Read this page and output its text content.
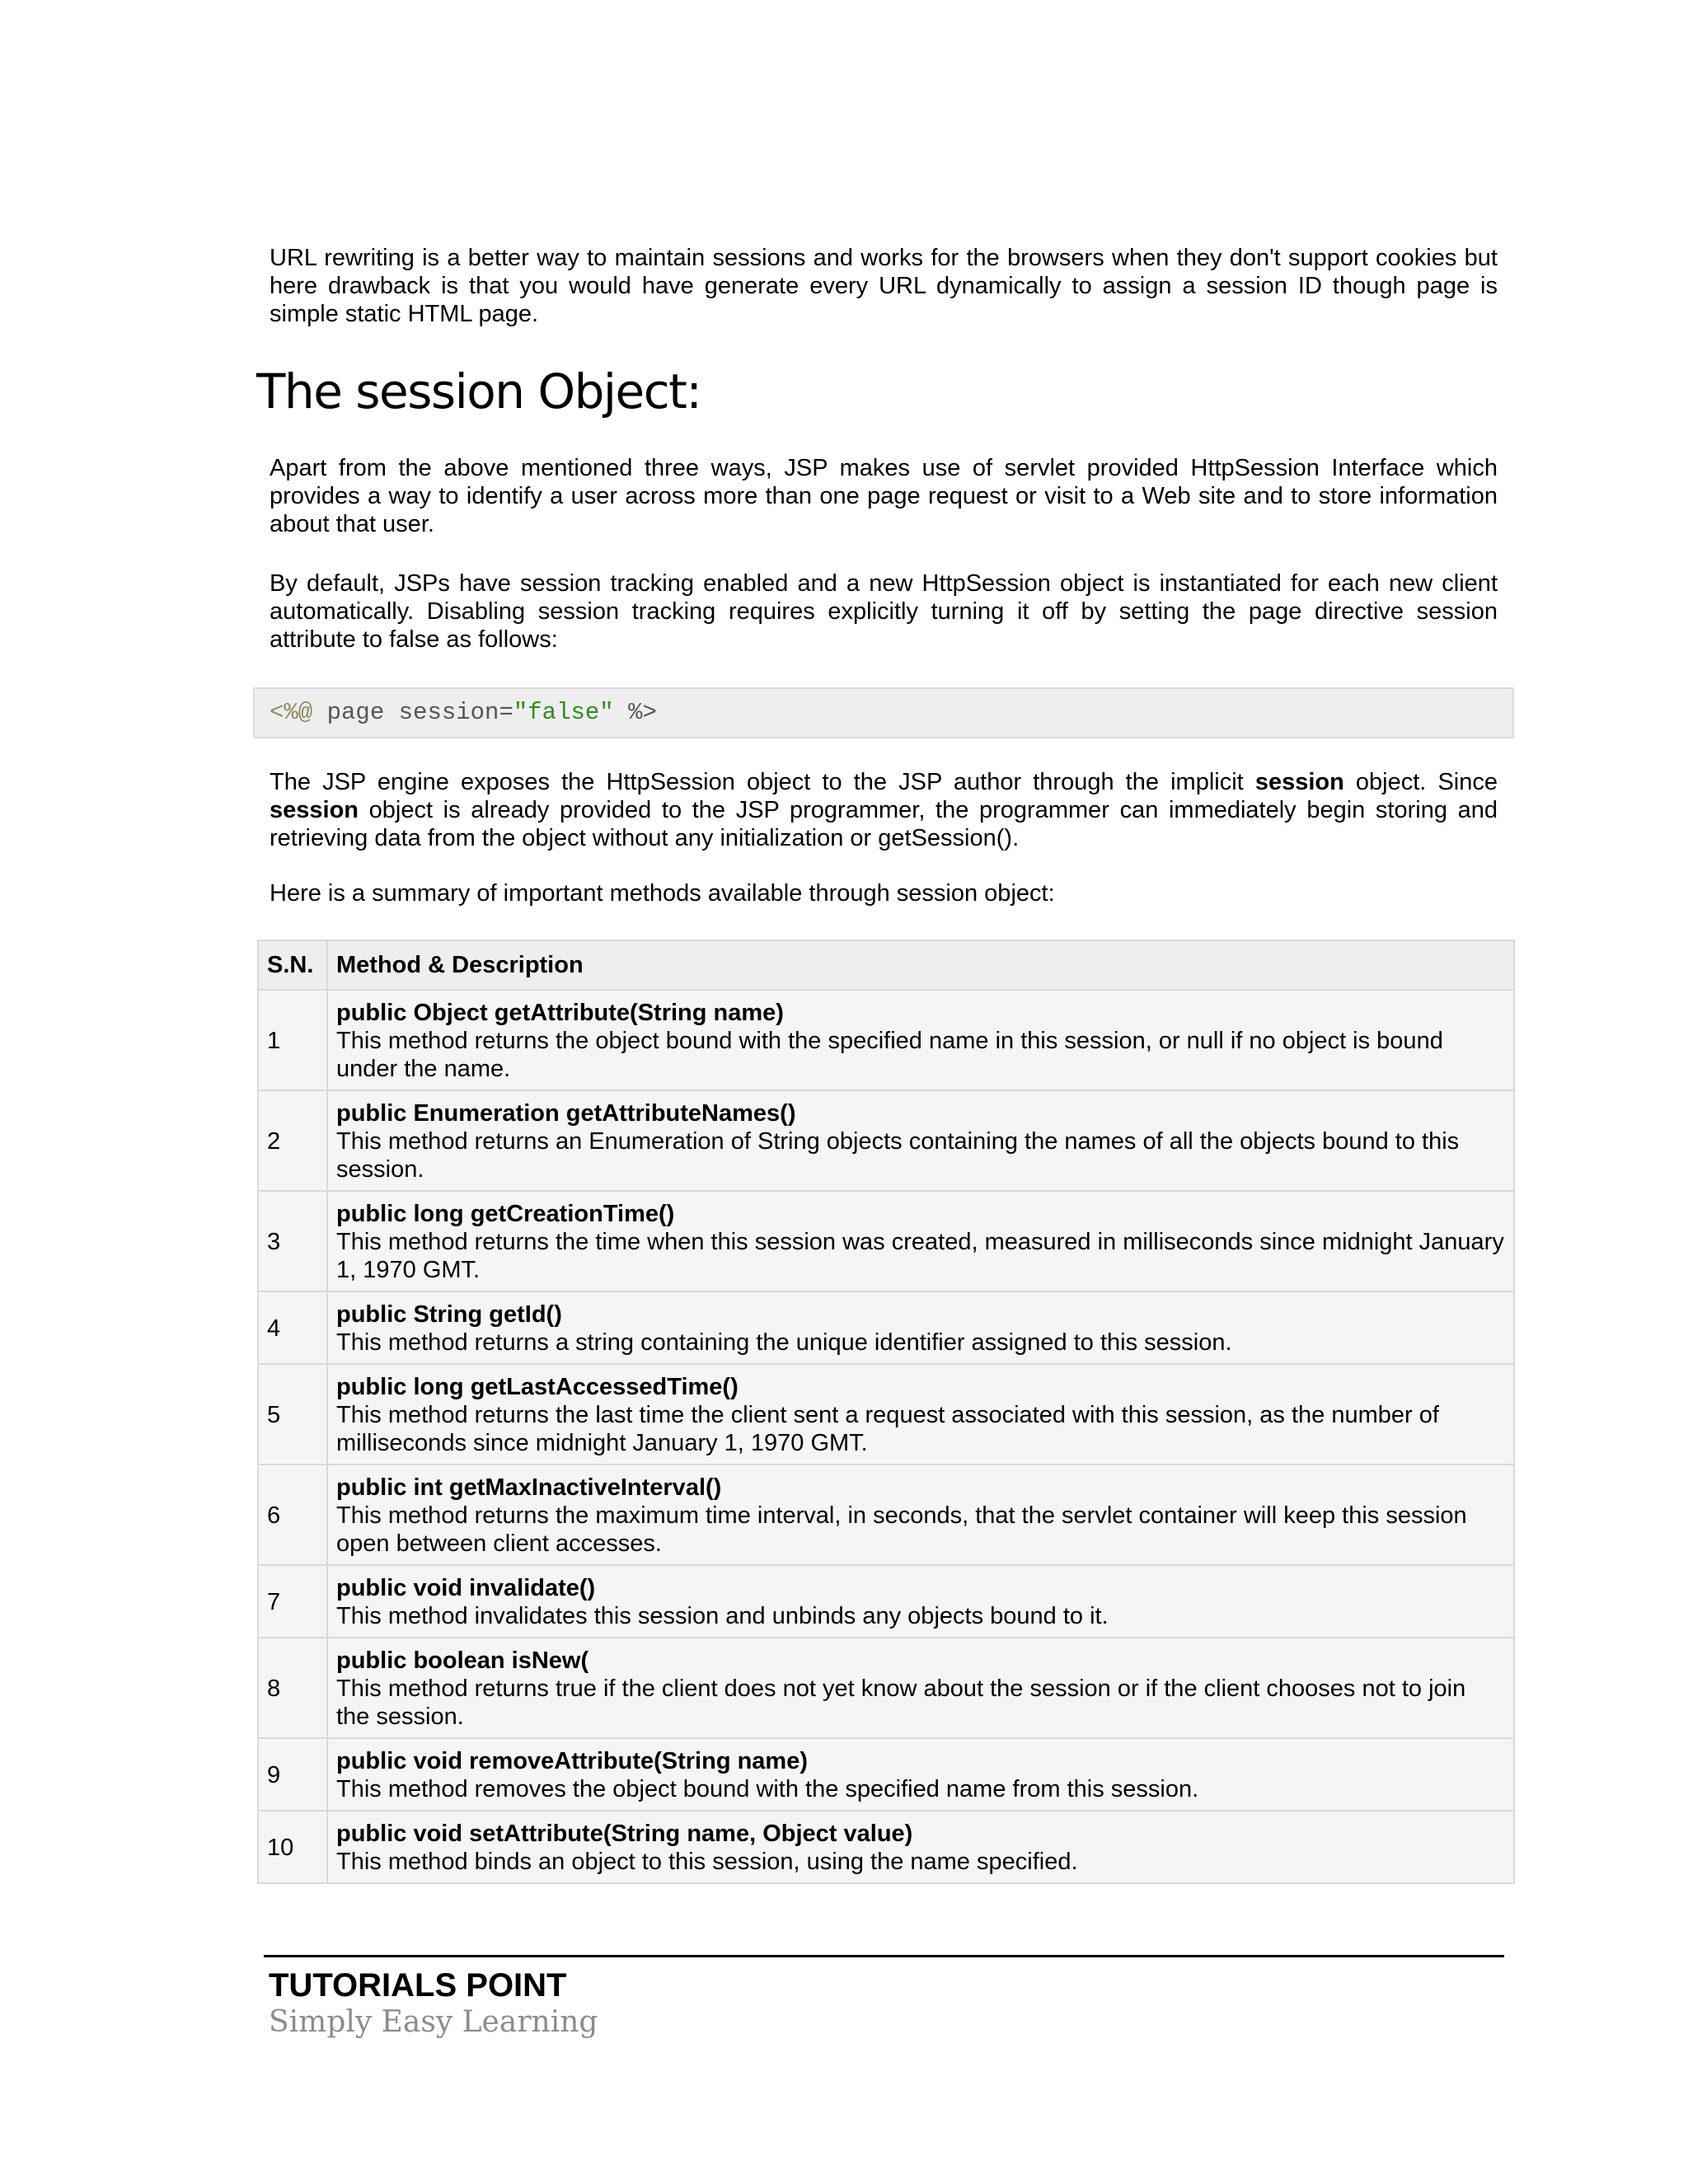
URL rewriting is a better way to maintain sessions and works for the browsers when they don't support cookies but here drawback is that you would have generate every URL dynamically to assign a session ID though page is simple static HTML page.

The session Object:

Apart from the above mentioned three ways, JSP makes use of servlet provided HttpSession Interface which provides a way to identify a user across more than one page request or visit to a Web site and to store information about that user.

By default, JSPs have session tracking enabled and a new HttpSession object is instantiated for each new client automatically. Disabling session tracking requires explicitly turning it off by setting the page directive session attribute to false as follows:

<%@ page session="false" %>

The JSP engine exposes the HttpSession object to the JSP author through the implicit session object. Since session object is already provided to the JSP programmer, the programmer can immediately begin storing and retrieving data from the object without any initialization or getSession().

Here is a summary of important methods available through session object:

S.N.	Method & Description
1	public Object getAttribute(String name)
This method returns the object bound with the specified name in this session, or null if no object is bound under the name.

2	public Enumeration getAttributeNames()
This method returns an Enumeration of String objects containing the names of all the objects bound to this session.

3	public long getCreationTime()
This method returns the time when this session was created, measured in milliseconds since midnight January 1, 1970 GMT.

4	public String getId()
This method returns a string containing the unique identifier assigned to this session.

5	public long getLastAccessedTime()
This method returns the last time the client sent a request associated with this session, as the number of milliseconds since midnight January 1, 1970 GMT.

6	public int getMaxInactiveInterval()
This method returns the maximum time interval, in seconds, that the servlet container will keep this session open between client accesses.

7	public void invalidate()
This method invalidates this session and unbinds any objects bound to it.

8	public boolean isNew(
This method returns true if the client does not yet know about the session or if the client chooses not to join the session.

9	public void removeAttribute(String name)
This method removes the object bound with the specified name from this session.

10	public void setAttribute(String name, Object value)
This method binds an object to this session, using the name specified.
TUTORIALS POINT
Simply Easy Learning
